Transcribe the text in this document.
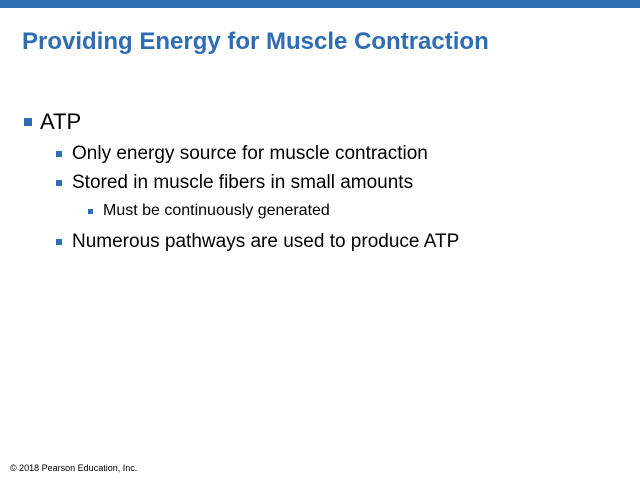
Providing Energy for Muscle Contraction
ATP
Only energy source for muscle contraction
Stored in muscle fibers in small amounts
Must be continuously generated
Numerous pathways are used to produce ATP
© 2018 Pearson Education, Inc.
